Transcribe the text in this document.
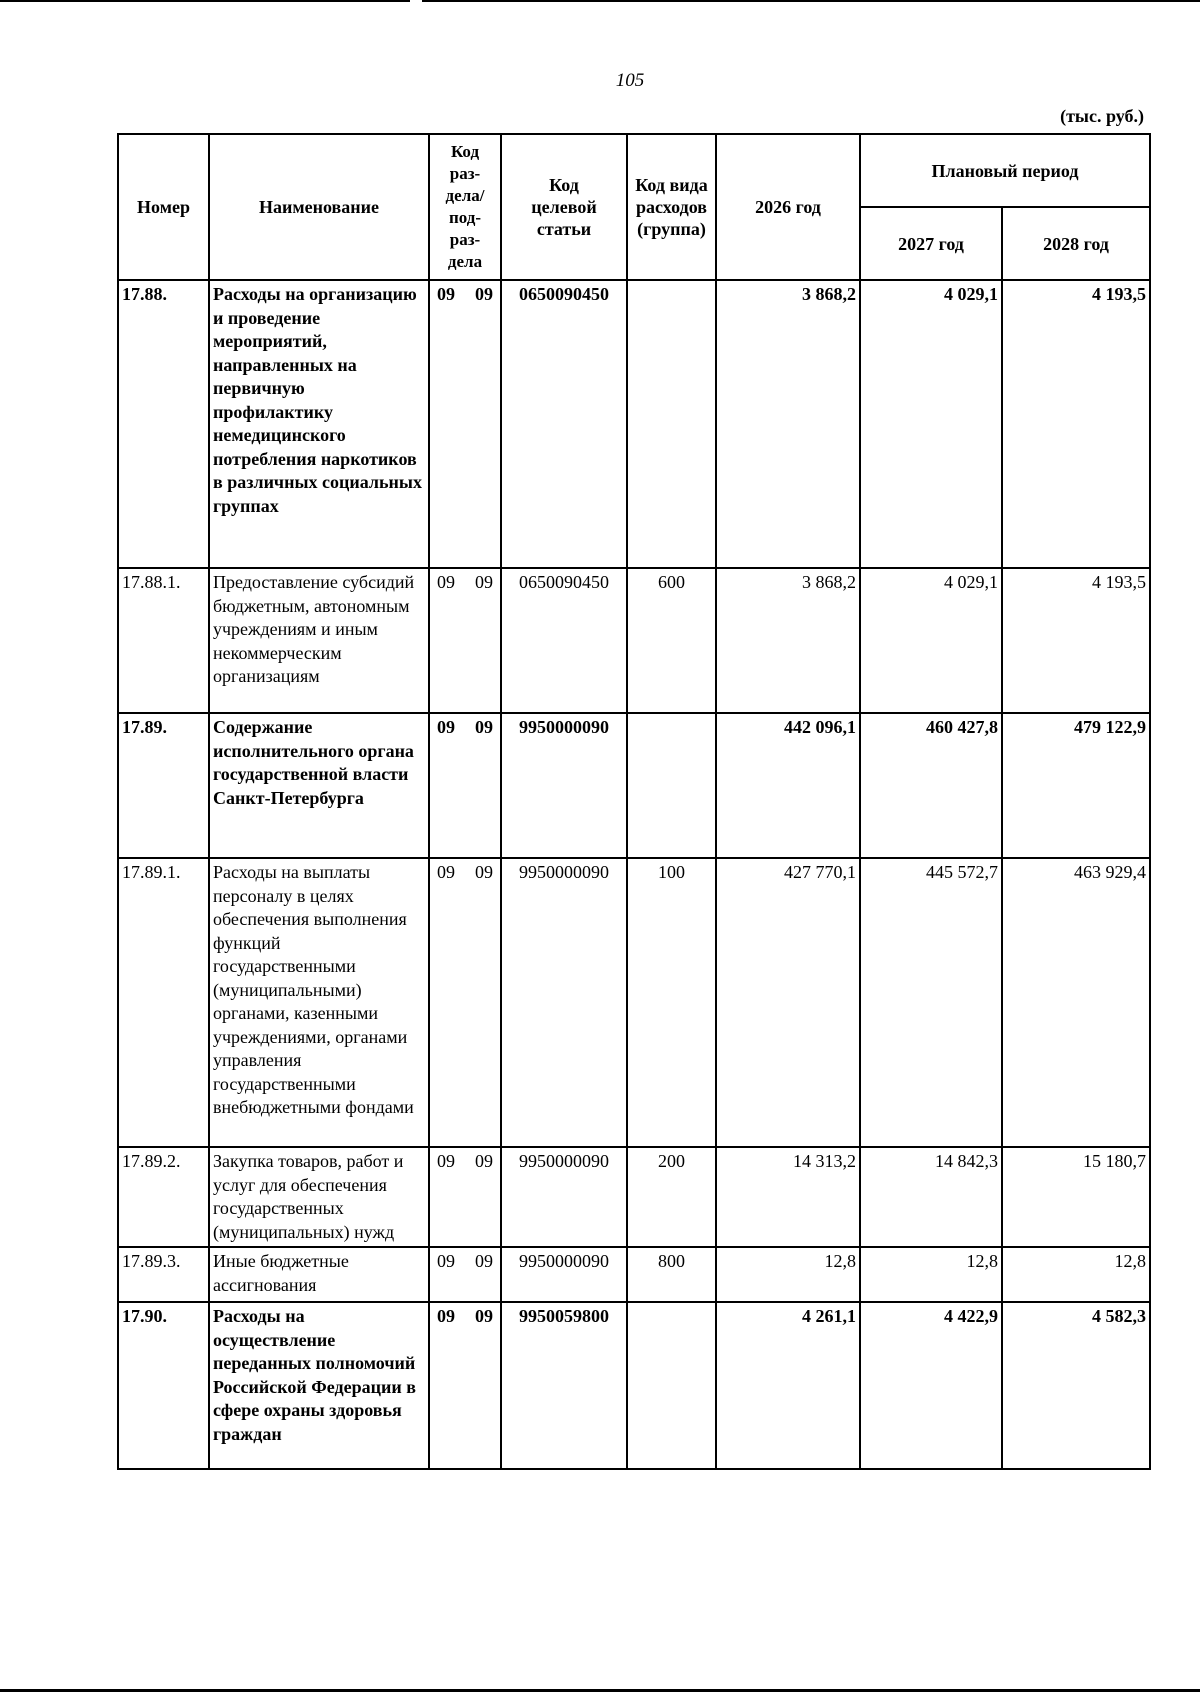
105
(тыс. руб.)
Номер	Наименование	Код раз- дела/ под- раз- дела	Код целевой статьи	Код вида расходов (группа)	2026 год	Плановый период	
						2027 год	2028 год
17.88.	Расходы на организацию и проведение мероприятий, направленных на первичную профилактику немедицинского потребления наркотиков в различных социальных группах	09 09	0650090450		3 868,2	4 029,1	4 193,5
17.88.1.	Предоставление субсидий бюджетным, автономным учреждениям и иным некоммерческим организациям	09 09	0650090450	600	3 868,2	4 029,1	4 193,5
17.89.	Содержание исполнительного органа государственной власти Санкт-Петербурга	09 09	9950000090		442 096,1	460 427,8	479 122,9
17.89.1.	Расходы на выплаты персоналу в целях обеспечения выполнения функций государственными (муниципальными) органами, казенными учреждениями, органами управления государственными внебюджетными фондами	09 09	9950000090	100	427 770,1	445 572,7	463 929,4
17.89.2.	Закупка товаров, работ и услуг для обеспечения государственных (муниципальных) нужд	09 09	9950000090	200	14 313,2	14 842,3	15 180,7
17.89.3.	Иные бюджетные ассигнования	09 09	9950000090	800	12,8	12,8	12,8
17.90.	Расходы на осуществление переданных полномочий Российской Федерации в сфере охраны здоровья граждан	09 09	9950059800		4 261,1	4 422,9	4 582,3
